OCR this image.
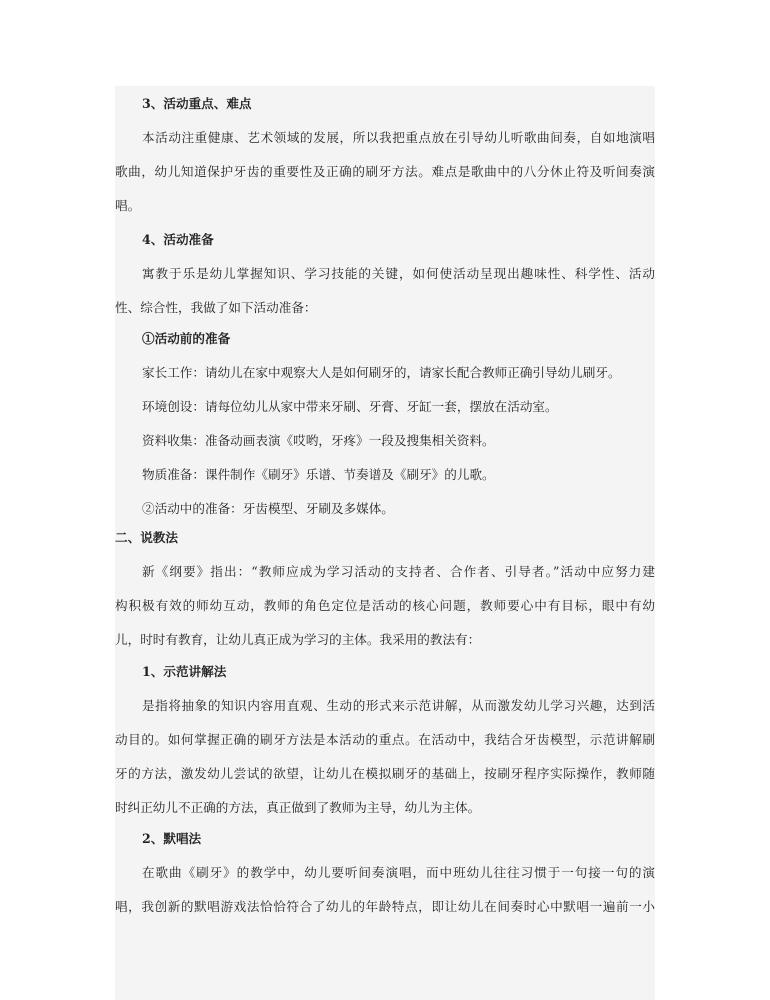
3、活动重点、难点
本活动注重健康、艺术领域的发展，所以我把重点放在引导幼儿听歌曲间奏，自如地演唱
歌曲，幼儿知道保护牙齿的重要性及正确的刷牙方法。难点是歌曲中的八分休止符及听间奏演
唱。
4、活动准备
寓教于乐是幼儿掌握知识、学习技能的关键，如何使活动呈现出趣味性、科学性、活动
性、综合性，我做了如下活动准备：
①活动前的准备
家长工作：请幼儿在家中观察大人是如何刷牙的，请家长配合教师正确引导幼儿刷牙。
环境创设：请每位幼儿从家中带来牙刷、牙膏、牙缸一套，摆放在活动室。
资料收集：准备动画表演《哎哟，牙疼》一段及搜集相关资料。
物质准备：课件制作《刷牙》乐谱、节奏谱及《刷牙》的儿歌。
②活动中的准备：牙齿模型、牙刷及多媒体。
二、说教法
新《纲要》指出：“教师应成为学习活动的支持者、合作者、引导者。”活动中应努力建
构积极有效的师幼互动，教师的角色定位是活动的核心问题，教师要心中有目标，眼中有幼
儿，时时有教育，让幼儿真正成为学习的主体。我采用的教法有：
1、示范讲解法
是指将抽象的知识内容用直观、生动的形式来示范讲解，从而激发幼儿学习兴趣，达到活
动目的。如何掌握正确的刷牙方法是本活动的重点。在活动中，我结合牙齿模型，示范讲解刷
牙的方法，激发幼儿尝试的欲望，让幼儿在模拟刷牙的基础上，按刷牙程序实际操作，教师随
时纠正幼儿不正确的方法，真正做到了教师为主导，幼儿为主体。
2、默唱法
在歌曲《刷牙》的教学中，幼儿要听间奏演唱，而中班幼儿往往习惯于一句接一句的演
唱，我创新的默唱游戏法恰恰符合了幼儿的年龄特点，即让幼儿在间奏时心中默唱一遍前一小
